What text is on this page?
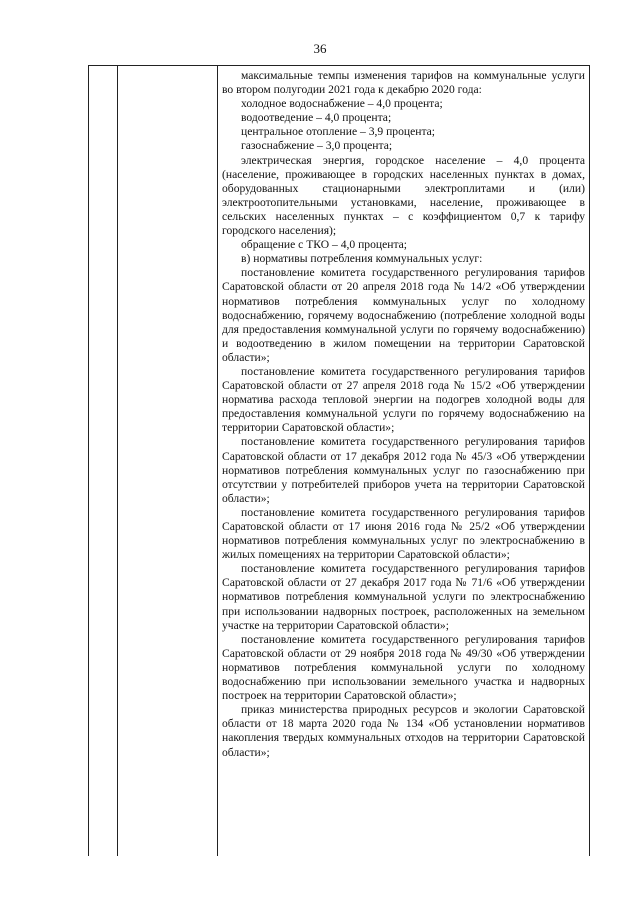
36

максимальные темпы изменения тарифов на коммунальные услуги во втором полугодии 2021 года к декабрю 2020 года:

холодное водоснабжение – 4,0 процента;

водоотведение – 4,0 процента;

центральное отопление – 3,9 процента;

газоснабжение – 3,0 процента;

электрическая энергия, городское население – 4,0 процента (население, проживающее в городских населенных пунктах в домах, оборудованных стационарными электроплитами и (или) электроотопительными установками, население, проживающее в сельских населенных пунктах – с коэффициентом 0,7 к тарифу городского населения);

обращение с ТКО – 4,0 процента;

в) нормативы потребления коммунальных услуг:

постановление комитета государственного регулирования тарифов Саратовской области от 20 апреля 2018 года № 14/2 «Об утверждении нормативов потребления коммунальных услуг по холодному водоснабжению, горячему водоснабжению (потребление холодной воды для предоставления коммунальной услуги по горячему водоснабжению) и водоотведению в жилом помещении на территории Саратовской области»;

постановление комитета государственного регулирования тарифов Саратовской области от 27 апреля 2018 года № 15/2 «Об утверждении норматива расхода тепловой энергии на подогрев холодной воды для предоставления коммунальной услуги по горячему водоснабжению на территории Саратовской области»;

постановление комитета государственного регулирования тарифов Саратовской области от 17 декабря 2012 года № 45/3 «Об утверждении нормативов потребления коммунальных услуг по газоснабжению при отсутствии у потребителей приборов учета на территории Саратовской области»;

постановление комитета государственного регулирования тарифов Саратовской области от 17 июня 2016 года № 25/2 «Об утверждении нормативов потребления коммунальных услуг по электроснабжению в жилых помещениях на территории Саратовской области»;

постановление комитета государственного регулирования тарифов Саратовской области от 27 декабря 2017 года № 71/6 «Об утверждении нормативов потребления коммунальной услуги по электроснабжению при использовании надворных построек, расположенных на земельном участке на территории Саратовской области»;

постановление комитета государственного регулирования тарифов Саратовской области от 29 ноября 2018 года № 49/30 «Об утверждении нормативов потребления коммунальной услуги по холодному водоснабжению при использовании земельного участка и надворных построек на территории Саратовской области»;

приказ министерства природных ресурсов и экологии Саратовской области от 18 марта 2020 года № 134 «Об установлении нормативов накопления твердых коммунальных отходов на территории Саратовской области»;
